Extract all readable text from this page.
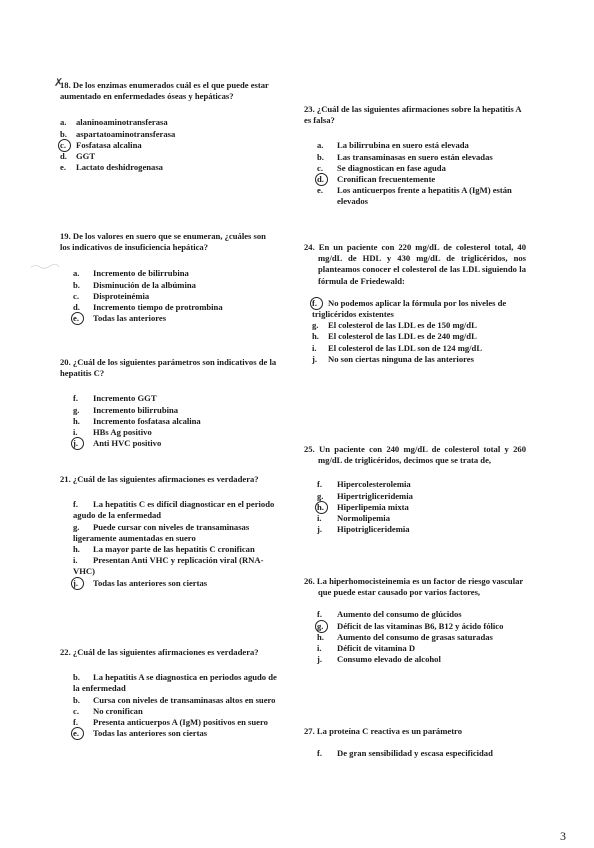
✗
18. De los enzimas enumerados cuál es el que puede estar aumentado en enfermedades óseas y hepáticas?
a.	alaninoaminotransferasa
b.	aspartatoaminotransferasa
c.	Fosfatasa alcalina
d.	GGT
e.	Lactato deshidrogenasa
19. De los valores en suero que se enumeran, ¿cuáles son los indicativos de insuficiencia hepática?
a.	Incremento de bilirrubina
b.	Disminución de la albúmina
c.	Disproteinémia
d.	Incremento tiempo de protrombina
e.	Todas las anteriores
20. ¿Cuál de los siguientes parámetros son indicativos de la hepatitis C?
f.	Incremento GGT
g.	Incremento bilirrubina
h.	Incremento fosfatasa alcalina
i.	HBs Ag positivo
j.	Anti HVC positivo
21. ¿Cuál de las siguientes afirmaciones es verdadera?
f. La hepatitis C es difícil diagnosticar en el periodo agudo de la enfermedad
g. Puede cursar con niveles de transaminasas ligeramente aumentadas en suero
h. La mayor parte de las hepatitis C cronifican
i. Presentan Anti VHC y replicación viral (RNA-VHC)
j.	Todas las anteriores son ciertas
22. ¿Cuál de las siguientes afirmaciones es verdadera?
b. La hepatitis A se diagnostica en periodos agudo de la enfermedad
b. Cursa con niveles de transaminasas altos en suero
c.	No cronifican
f. Presenta anticuerpos A (IgM) positivos en suero
e.	Todas las anteriores son ciertas
23. ¿Cuál de las siguientes afirmaciones sobre la hepatitis A es falsa?
a.	La bilirrubina en suero está elevada
b.	Las transaminasas en suero están elevadas
c.	Se diagnostican en fase aguda
d.	Cronifican frecuentemente
e.	Los anticuerpos frente a hepatitis A (IgM) están elevados
24. En un paciente con 220 mg/dL de colesterol total, 40 mg/dL de HDL y 430 mg/dL de triglicéridos, nos planteamos conocer el colesterol de las LDL siguiendo la fórmula de Friedewald:
f. No podemos aplicar la fórmula por los niveles de triglicéridos existentes
g. El colesterol de las LDL es de 150 mg/dL
h. El colesterol de las LDL es de 240 mg/dL
i. El colesterol de las LDL son de 124 mg/dL
j. No son ciertas ninguna de las anteriores
25. Un paciente con 240 mg/dL de colesterol total y 260 mg/dL de triglicéridos, decimos que se trata de,
f.	Hipercolesterolemia
g.	Hipertrigliceridemia
h.	Hiperlipemia mixta
i.	Normolipemia
j.	Hipotrigliceridemia
26. La hiperhomocisteinemia es un factor de riesgo vascular que puede estar causado por varios factores,
f.	Aumento del consumo de glúcidos
g. Déficit de las vitaminas B6, B12 y ácido fólico
h. Aumento del consumo de grasas saturadas
i.	Déficit de vitamina D
j.	Consumo elevado de alcohol
27. La proteína C reactiva es un parámetro
f. De gran sensibilidad y escasa especificidad
3
